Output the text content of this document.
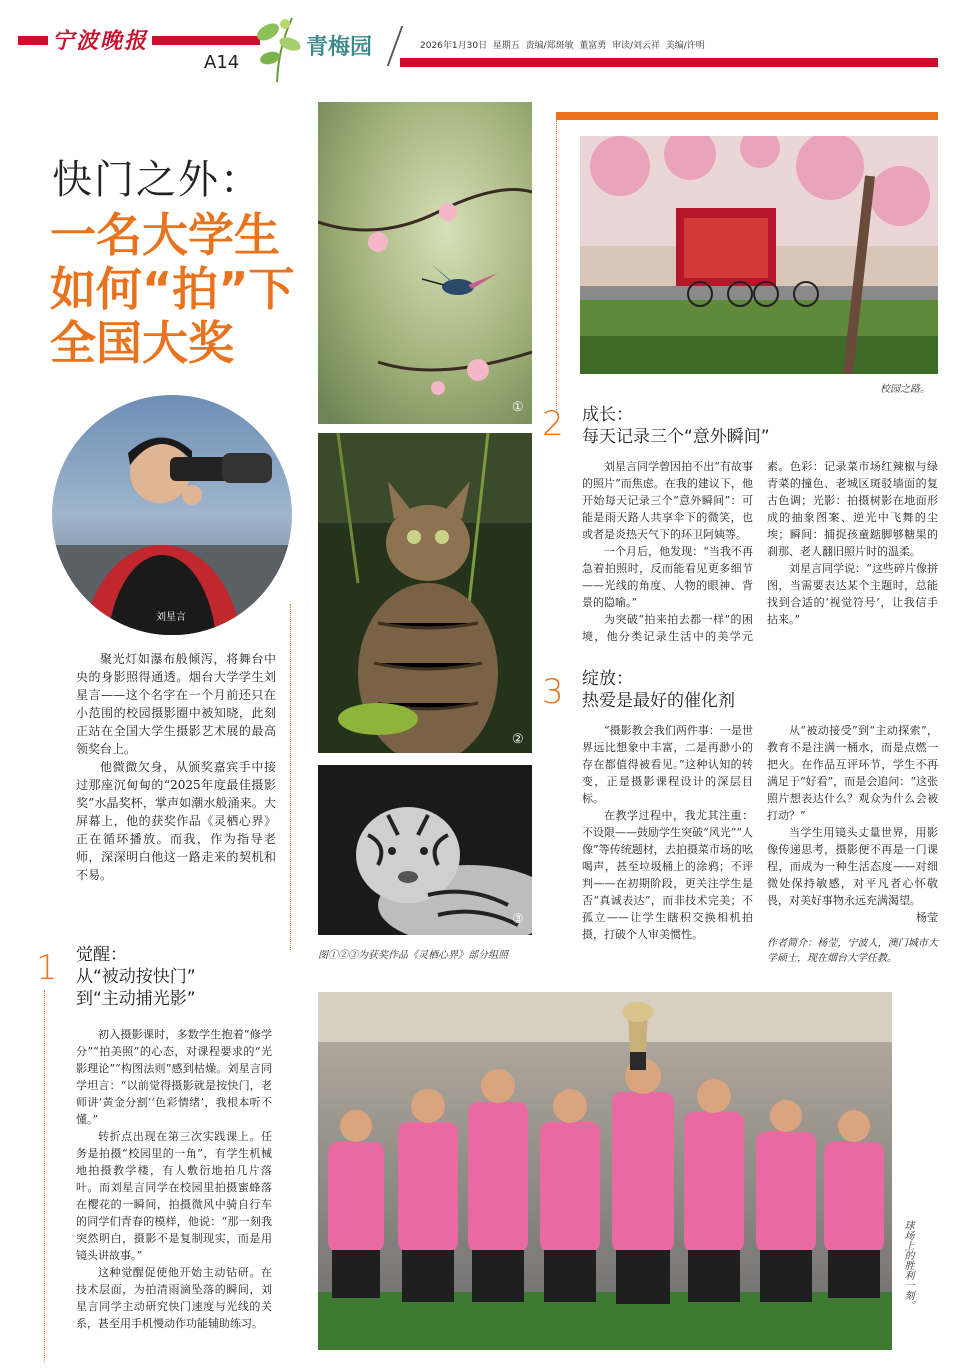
宁波晚报
A14
青梅园	2026年1月30日  星期五  责编/郑斑敏  董富勇  审读/刘云祥  美编/许明
快门之外：
一名大学生
如何“拍”下
全国大奖
刘星言

聚光灯如瀑布般倾泻，将舞台中央的身影照得通透。烟台大学学生刘星言——这个名字在一个月前还只在小范围的校园摄影圈中被知晓，此刻正站在全国大学生摄影艺术展的最高领奖台上。

他微微欠身，从颁奖嘉宾手中接过那座沉甸甸的“2025年度最佳摄影奖”水晶奖杯，掌声如潮水般涌来。大屏幕上，他的获奖作品《灵栖心界》正在循环播放。而我，作为指导老师，深深明白他这一路走来的契机和不易。

1 觉醒：
从“被动按快门”
到“主动捕光影”

初入摄影课时，多数学生抱着“修学分”“拍美照”的心态，对课程要求的“光影理论”“构图法则”感到枯燥。刘星言同学坦言：“以前觉得摄影就是按快门，老师讲‘黄金分割’‘色彩情绪’，我根本听不懂。”

转折点出现在第三次实践课上。任务是拍摄“校园里的一角”，有学生机械地拍摄教学楼，有人敷衍地拍几片落叶。而刘星言同学在校园里拍摄蜜蜂落在樱花的一瞬间，拍摄微风中骑自行车的同学们青春的模样，他说：“那一刻我突然明白，摄影不是复制现实，而是用镜头讲故事。”

这种觉醒促使他开始主动钻研。在技术层面，为拍清雨滴坠落的瞬间，刘星言同学主动研究快门速度与光线的关系，甚至用手机慢动作功能辅助练习。

①
②
③
图①②③为获奖作品《灵栖心界》部分组照
校园之路。
2 成长：
每天记录三个“意外瞬间”

刘星言同学曾因拍不出“有故事的照片”而焦虑。在我的建议下，他开始每天记录三个“意外瞬间”：可能是雨天路人共享伞下的微笑，也或者是炎热天气下的环卫阿姨等。

一个月后，他发现：“当我不再急着拍照时，反而能看见更多细节——光线的角度、人物的眼神、背景的隐喻。”

为突破“拍来拍去都一样”的困境，他分类记录生活中的美学元素。色彩：记录菜市场红辣椒与绿青菜的撞色、老城区斑驳墙面的复古色调；光影：拍摄树影在地面形成的抽象图案、逆光中飞舞的尘埃；瞬间：捕捉孩童踮脚够糖果的刹那、老人翻旧照片时的温柔。

刘星言同学说：“这些碎片像拼图，当需要表达某个主题时，总能找到合适的‘视觉符号’，让我信手拈来。”

3 绽放：
热爱是最好的催化剂

“摄影教会我们两件事：一是世界远比想象中丰富，二是再渺小的存在都值得被看见。”这种认知的转变，正是摄影课程设计的深层目标。

在教学过程中，我尤其注重：不设限——鼓励学生突破“风光”“人像”等传统题材，去拍摄菜市场的吆喝声，甚至垃圾桶上的涂鸦；不评判——在初期阶段，更关注学生是否“真诚表达”，而非技术完美；不孤立——让学生瞎积交换相机拍摄，打破个人审美惯性。

从“被动接受”到“主动探索”，教育不是注满一桶水，而是点燃一把火。在作品互评环节，学生不再满足于“好看”，而是会追问：“这张照片想表达什么？观众为什么会被打动？”

当学生用镜头丈量世界，用影像传递思考，摄影便不再是一门课程，而成为一种生活态度——对细微处保持敏感，对平凡者心怀敬畏，对美好事物永远充满渴望。

杨莹
作者简介：杨莹，宁波人，澳门城市大学硕士，现在烟台大学任教。
球场上的胜利一刻。
